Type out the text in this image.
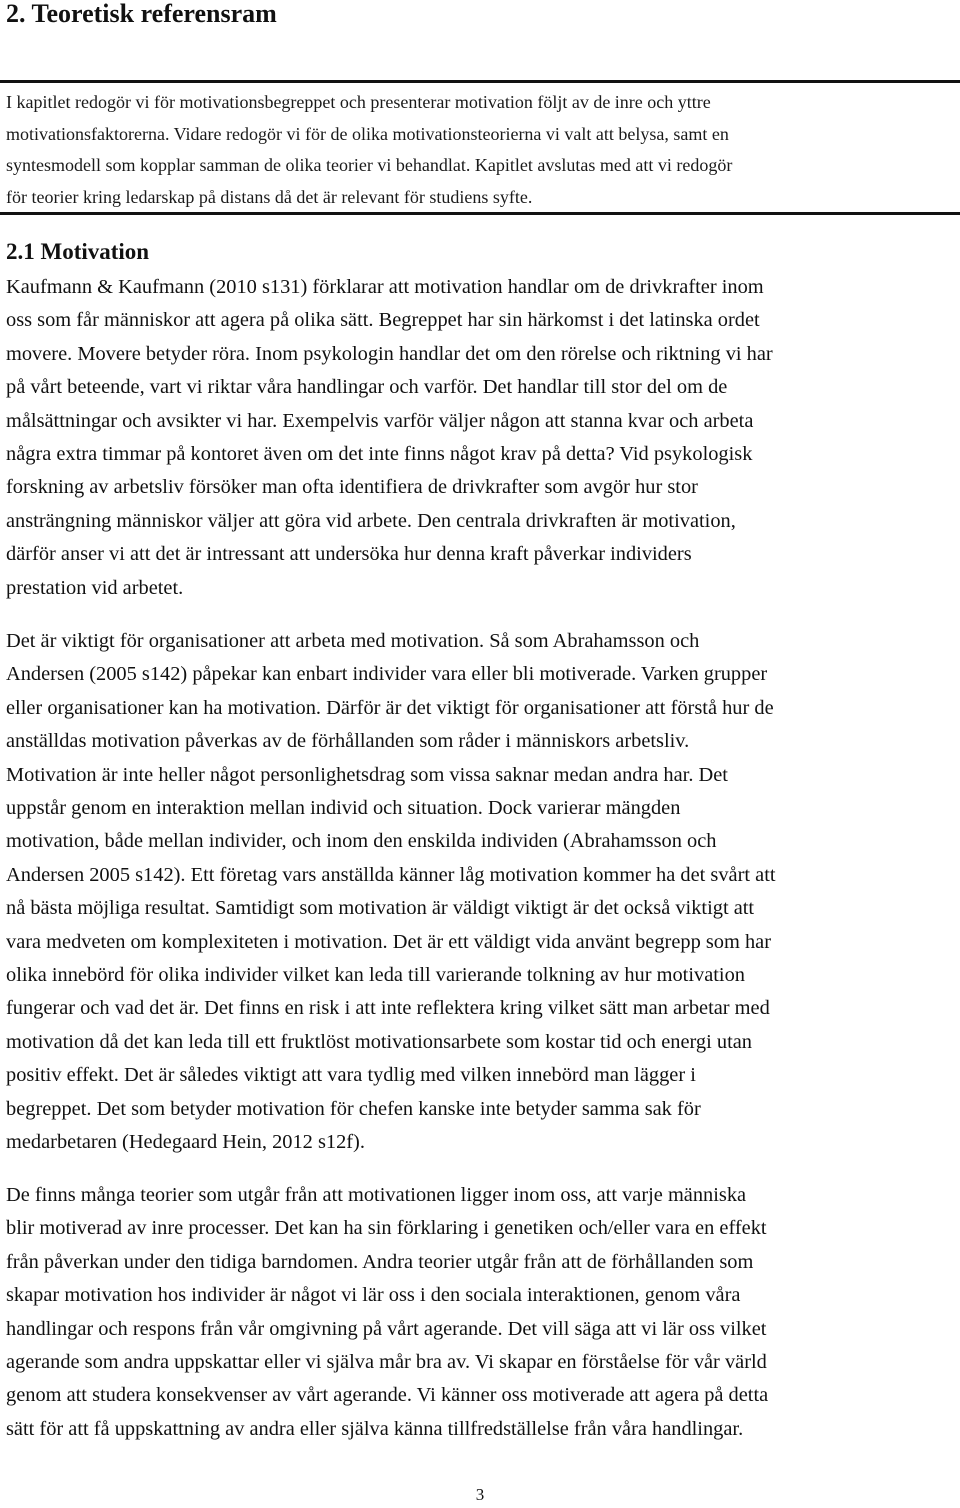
2. Teoretisk referensram

I kapitlet redogör vi för motivationsbegreppet och presenterar motivation följt av de inre och yttre
motivationsfaktorerna. Vidare redogör vi för de olika motivationsteorierna vi valt att belysa, samt en
syntesmodell som kopplar samman de olika teorier vi behandlat. Kapitlet avslutas med att vi redogör
för teorier kring ledarskap på distans då det är relevant för studiens syfte.

2.1 Motivation

Kaufmann & Kaufmann (2010 s131) förklarar att motivation handlar om de drivkrafter inom
oss som får människor att agera på olika sätt. Begreppet har sin härkomst i det latinska ordet
movere. Movere betyder röra. Inom psykologin handlar det om den rörelse och riktning vi har
på vårt beteende, vart vi riktar våra handlingar och varför. Det handlar till stor del om de
målsättningar och avsikter vi har. Exempelvis varför väljer någon att stanna kvar och arbeta
några extra timmar på kontoret även om det inte finns något krav på detta? Vid psykologisk
forskning av arbetsliv försöker man ofta identifiera de drivkrafter som avgör hur stor
ansträngning människor väljer att göra vid arbete. Den centrala drivkraften är motivation,
därför anser vi att det är intressant att undersöka hur denna kraft påverkar individers
prestation vid arbetet.

Det är viktigt för organisationer att arbeta med motivation. Så som Abrahamsson och
Andersen (2005 s142) påpekar kan enbart individer vara eller bli motiverade. Varken grupper
eller organisationer kan ha motivation. Därför är det viktigt för organisationer att förstå hur de
anställdas motivation påverkas av de förhållanden som råder i människors arbetsliv.
Motivation är inte heller något personlighetsdrag som vissa saknar medan andra har. Det
uppstår genom en interaktion mellan individ och situation. Dock varierar mängden
motivation, både mellan individer, och inom den enskilda individen (Abrahamsson och
Andersen 2005 s142). Ett företag vars anställda känner låg motivation kommer ha det svårt att
nå bästa möjliga resultat. Samtidigt som motivation är väldigt viktigt är det också viktigt att
vara medveten om komplexiteten i motivation. Det är ett väldigt vida använt begrepp som har
olika innebörd för olika individer vilket kan leda till varierande tolkning av hur motivation
fungerar och vad det är. Det finns en risk i att inte reflektera kring vilket sätt man arbetar med
motivation då det kan leda till ett fruktlöst motivationsarbete som kostar tid och energi utan
positiv effekt. Det är således viktigt att vara tydlig med vilken innebörd man lägger i
begreppet. Det som betyder motivation för chefen kanske inte betyder samma sak för
medarbetaren (Hedegaard Hein, 2012 s12f).

De finns många teorier som utgår från att motivationen ligger inom oss, att varje människa
blir motiverad av inre processer. Det kan ha sin förklaring i genetiken och/eller vara en effekt
från påverkan under den tidiga barndomen. Andra teorier utgår från att de förhållanden som
skapar motivation hos individer är något vi lär oss i den sociala interaktionen, genom våra
handlingar och respons från vår omgivning på vårt agerande. Det vill säga att vi lär oss vilket
agerande som andra uppskattar eller vi själva mår bra av. Vi skapar en förståelse för vår värld
genom att studera konsekvenser av vårt agerande. Vi känner oss motiverade att agera på detta
sätt för att få uppskattning av andra eller själva känna tillfredställelse från våra handlingar.

3
